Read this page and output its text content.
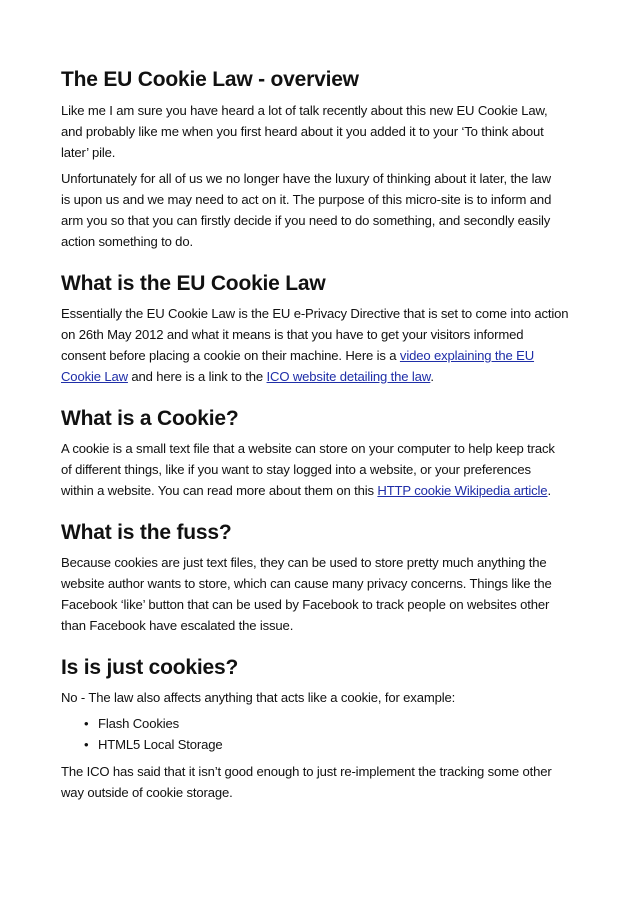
The EU Cookie Law - overview

Like me I am sure you have heard a lot of talk recently about this new EU Cookie Law,
and probably like me when you first heard about it you added it to your ‘To think about
later’ pile.

Unfortunately for all of us we no longer have the luxury of thinking about it later, the law
is upon us and we may need to act on it. The purpose of this micro-site is to inform and
arm you so that you can firstly decide if you need to do something, and secondly easily
action something to do.

What is the EU Cookie Law

Essentially the EU Cookie Law is the EU e-Privacy Directive that is set to come into action
on 26th May 2012 and what it means is that you have to get your visitors informed
consent before placing a cookie on their machine. Here is a video explaining the EU
Cookie Law and here is a link to the ICO website detailing the law.

What is a Cookie?

A cookie is a small text file that a website can store on your computer to help keep track
of different things, like if you want to stay logged into a website, or your preferences
within a website. You can read more about them on this HTTP cookie Wikipedia article.

What is the fuss?

Because cookies are just text files, they can be used to store pretty much anything the
website author wants to store, which can cause many privacy concerns. Things like the
Facebook ‘like’ button that can be used by Facebook to track people on websites other
than Facebook have escalated the issue.

Is is just cookies?

No - The law also affects anything that acts like a cookie, for example:

• Flash Cookies
• HTML5 Local Storage

The ICO has said that it isn’t good enough to just re-implement the tracking some other
way outside of cookie storage.
